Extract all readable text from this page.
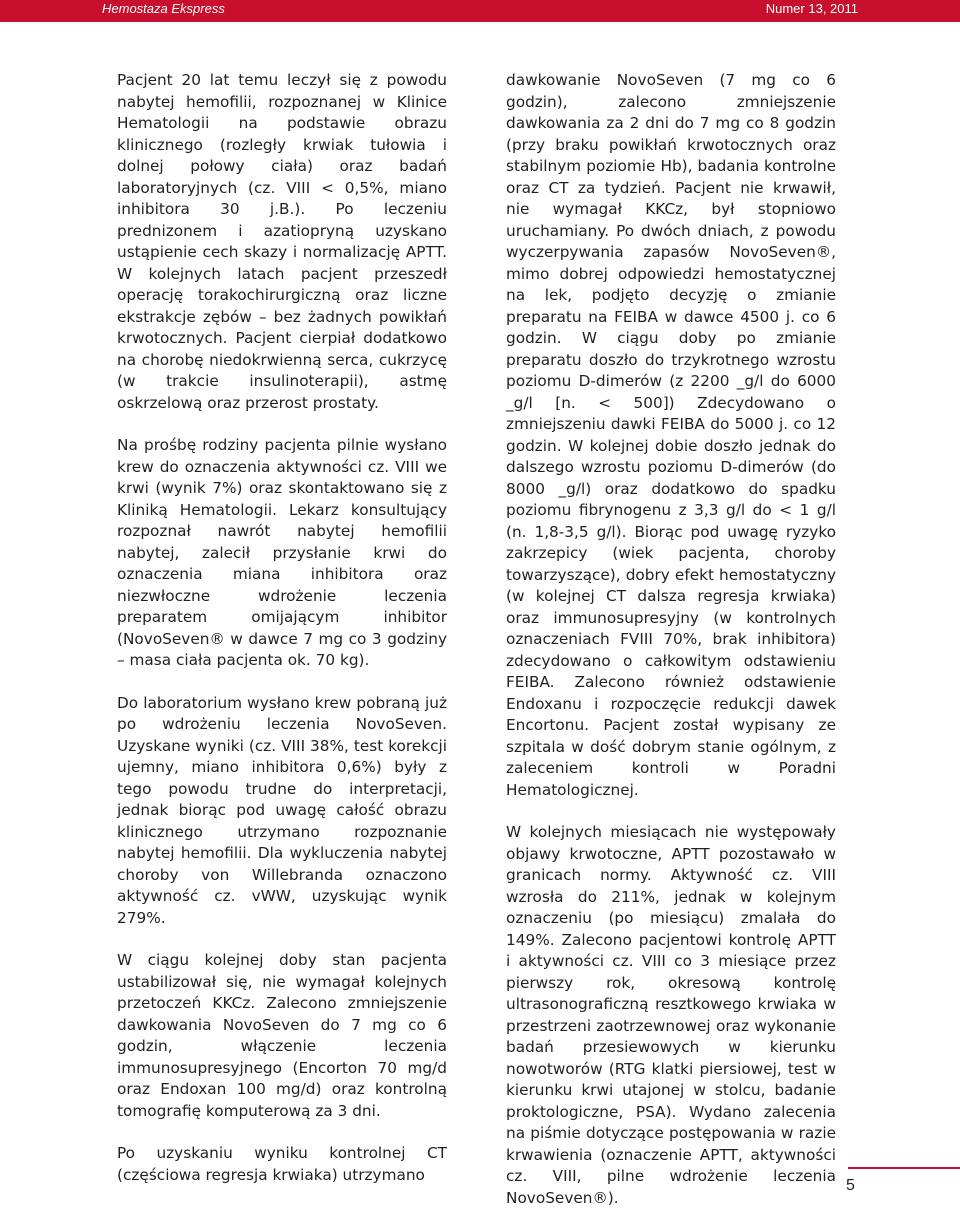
Hemostaza Ekspress	Numer 13, 2011

Pacjent 20 lat temu leczył się z powodu nabytej hemofilii, rozpoznanej w Klinice Hematologii na podstawie obrazu klinicznego (rozległy krwiak tułowia i dolnej połowy ciała) oraz badań laboratoryjnych (cz. VIII < 0,5%, miano inhibitora 30 j.B.). Po leczeniu prednizonem i azatiopryną uzyskano ustąpienie cech skazy i normalizację APTT. W kolejnych latach pacjent przeszedł operację torakochirurgiczną oraz liczne ekstrakcje zębów – bez żadnych powikłań krwotocznych. Pacjent cierpiał dodatkowo na chorobę niedokrwienną serca, cukrzycę (w trakcie insulinoterapii), astmę oskrzelową oraz przerost prostaty.

Na prośbę rodziny pacjenta pilnie wysłano krew do oznaczenia aktywności cz. VIII we krwi (wynik 7%) oraz skontaktowano się z Kliniką Hematologii. Lekarz konsultujący rozpoznał nawrót nabytej hemofilii nabytej, zalecił przysłanie krwi do oznaczenia miana inhibitora oraz niezwłoczne wdrożenie leczenia preparatem omijającym inhibitor (NovoSeven® w dawce 7 mg co 3 godziny – masa ciała pacjenta ok. 70 kg).

Do laboratorium wysłano krew pobraną już po wdrożeniu leczenia NovoSeven. Uzyskane wyniki (cz. VIII 38%, test korekcji ujemny, miano inhibitora 0,6%) były z tego powodu trudne do interpretacji, jednak biorąc pod uwagę całość obrazu klinicznego utrzymano rozpoznanie nabytej hemofilii. Dla wykluczenia nabytej choroby von Willebranda oznaczono aktywność cz. vWW, uzyskując wynik 279%.

W ciągu kolejnej doby stan pacjenta ustabilizował się, nie wymagał kolejnych przetoczeń KKCz. Zalecono zmniejszenie dawkowania NovoSeven do 7 mg co 6 godzin, włączenie leczenia immunosupresyjnego (Encorton 70 mg/d oraz Endoxan 100 mg/d) oraz kontrolną tomografię komputerową za 3 dni.

Po uzyskaniu wyniku kontrolnej CT (częściowa regresja krwiaka) utrzymano

dawkowanie NovoSeven (7 mg co 6 godzin), zalecono zmniejszenie dawkowania za 2 dni do 7 mg co 8 godzin (przy braku powikłań krwotocznych oraz stabilnym poziomie Hb), badania kontrolne oraz CT za tydzień. Pacjent nie krwawił, nie wymagał KKCz, był stopniowo uruchamiany. Po dwóch dniach, z powodu wyczerpywania zapasów NovoSeven®, mimo dobrej odpowiedzi hemostatycznej na lek, podjęto decyzję o zmianie preparatu na FEIBA w dawce 4500 j. co 6 godzin. W ciągu doby po zmianie preparatu doszło do trzykrotnego wzrostu poziomu D-dimerów (z 2200 _g/l do 6000 _g/l [n. < 500]) Zdecydowano o zmniejszeniu dawki FEIBA do 5000 j. co 12 godzin. W kolejnej dobie doszło jednak do dalszego wzrostu poziomu D-dimerów (do 8000 _g/l) oraz dodatkowo do spadku poziomu fibrynogenu z 3,3 g/l do < 1 g/l (n. 1,8-3,5 g/l). Biorąc pod uwagę ryzyko zakrzepicy (wiek pacjenta, choroby towarzyszące), dobry efekt hemostatyczny (w kolejnej CT dalsza regresja krwiaka) oraz immunosupresyjny (w kontrolnych oznaczeniach FVIII 70%, brak inhibitora) zdecydowano o całkowitym odstawieniu FEIBA. Zalecono również odstawienie Endoxanu i rozpoczęcie redukcji dawek Encortonu. Pacjent został wypisany ze szpitala w dość dobrym stanie ogólnym, z zaleceniem kontroli w Poradni Hematologicznej.

W kolejnych miesiącach nie występowały objawy krwotoczne, APTT pozostawało w granicach normy. Aktywność cz. VIII wzrosła do 211%, jednak w kolejnym oznaczeniu (po miesiącu) zmalała do 149%. Zalecono pacjentowi kontrolę APTT i aktywności cz. VIII co 3 miesiące przez pierwszy rok, okresową kontrolę ultrasonograficzną resztkowego krwiaka w przestrzeni zaotrzewnowej oraz wykonanie badań przesiewowych w kierunku nowotworów (RTG klatki piersiowej, test w kierunku krwi utajonej w stolcu, badanie proktologiczne, PSA). Wydano zalecenia na piśmie dotyczące postępowania w razie krwawienia (oznaczenie APTT, aktywności cz. VIII, pilne wdrożenie leczenia NovoSeven®).

5
